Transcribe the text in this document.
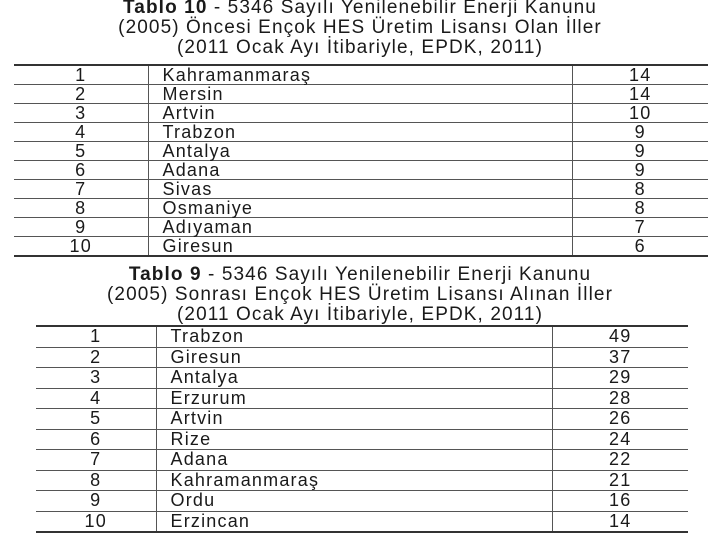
Tablo 10 - 5346 Sayılı Yenilenebilir Enerji Kanunu
(2005) Öncesi Ençok HES Üretim Lisansı Olan İller
(2011 Ocak Ayı İtibariyle, EPDK, 2011)
1	Kahramanmaraş	14
2	Mersin	14
3	Artvin	10
4	Trabzon	9
5	Antalya	9
6	Adana	9
7	Sivas	8
8	Osmaniye	8
9	Adıyaman	7
10	Giresun	6
Tablo 9 - 5346 Sayılı Yenilenebilir Enerji Kanunu
(2005) Sonrası Ençok HES Üretim Lisansı Alınan İller
(2011 Ocak Ayı İtibariyle, EPDK, 2011)
1	Trabzon	49
2	Giresun	37
3	Antalya	29
4	Erzurum	28
5	Artvin	26
6	Rize	24
7	Adana	22
8	Kahramanmaraş	21
9	Ordu	16
10	Erzincan	14
